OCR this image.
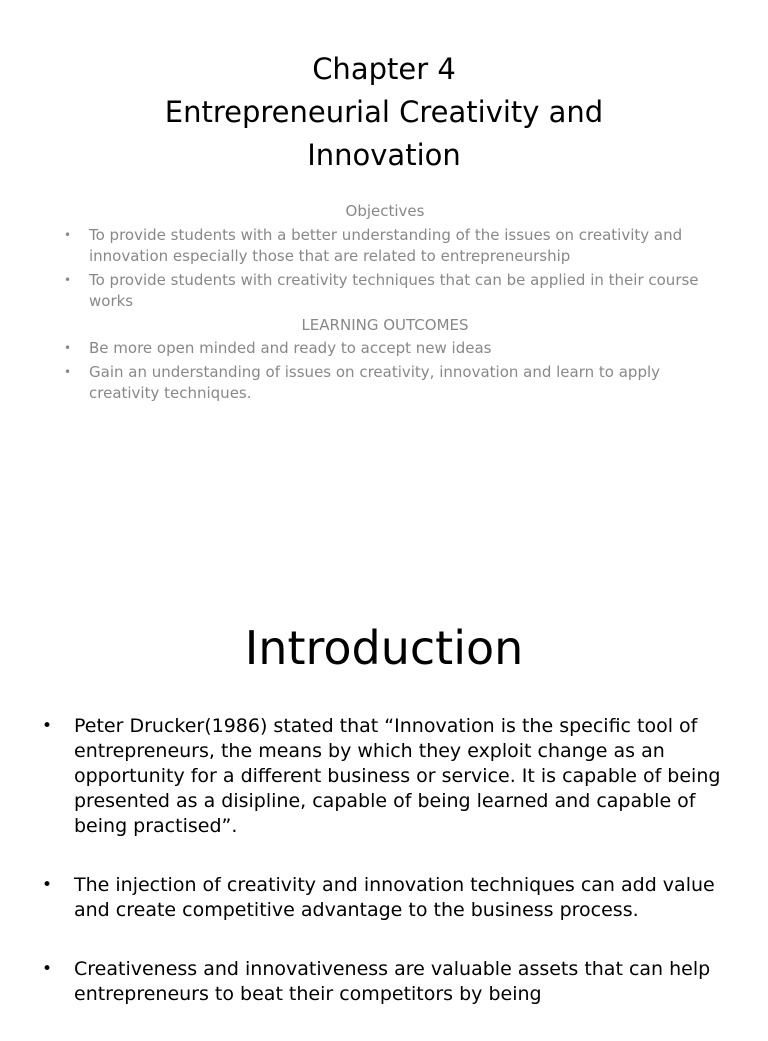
Chapter 4
Entrepreneurial Creativity and
Innovation
Objectives
• To provide students with a better understanding of the issues on creativity and innovation especially those that are related to entrepreneurship
• To provide students with creativity techniques that can be applied in their course works
LEARNING OUTCOMES
• Be more open minded and ready to accept new ideas
• Gain an understanding of issues on creativity, innovation and learn to apply creativity techniques.
Introduction
• Peter Drucker(1986) stated that “Innovation is the specific tool of entrepreneurs, the means by which they exploit change as an opportunity for a different business or service. It is capable of being presented as a disipline, capable of being learned and capable of being practised”.
• The injection of creativity and innovation techniques can add value and create competitive advantage to the business process.
• Creativeness and innovativeness are valuable assets that can help entrepreneurs to beat their competitors by being
